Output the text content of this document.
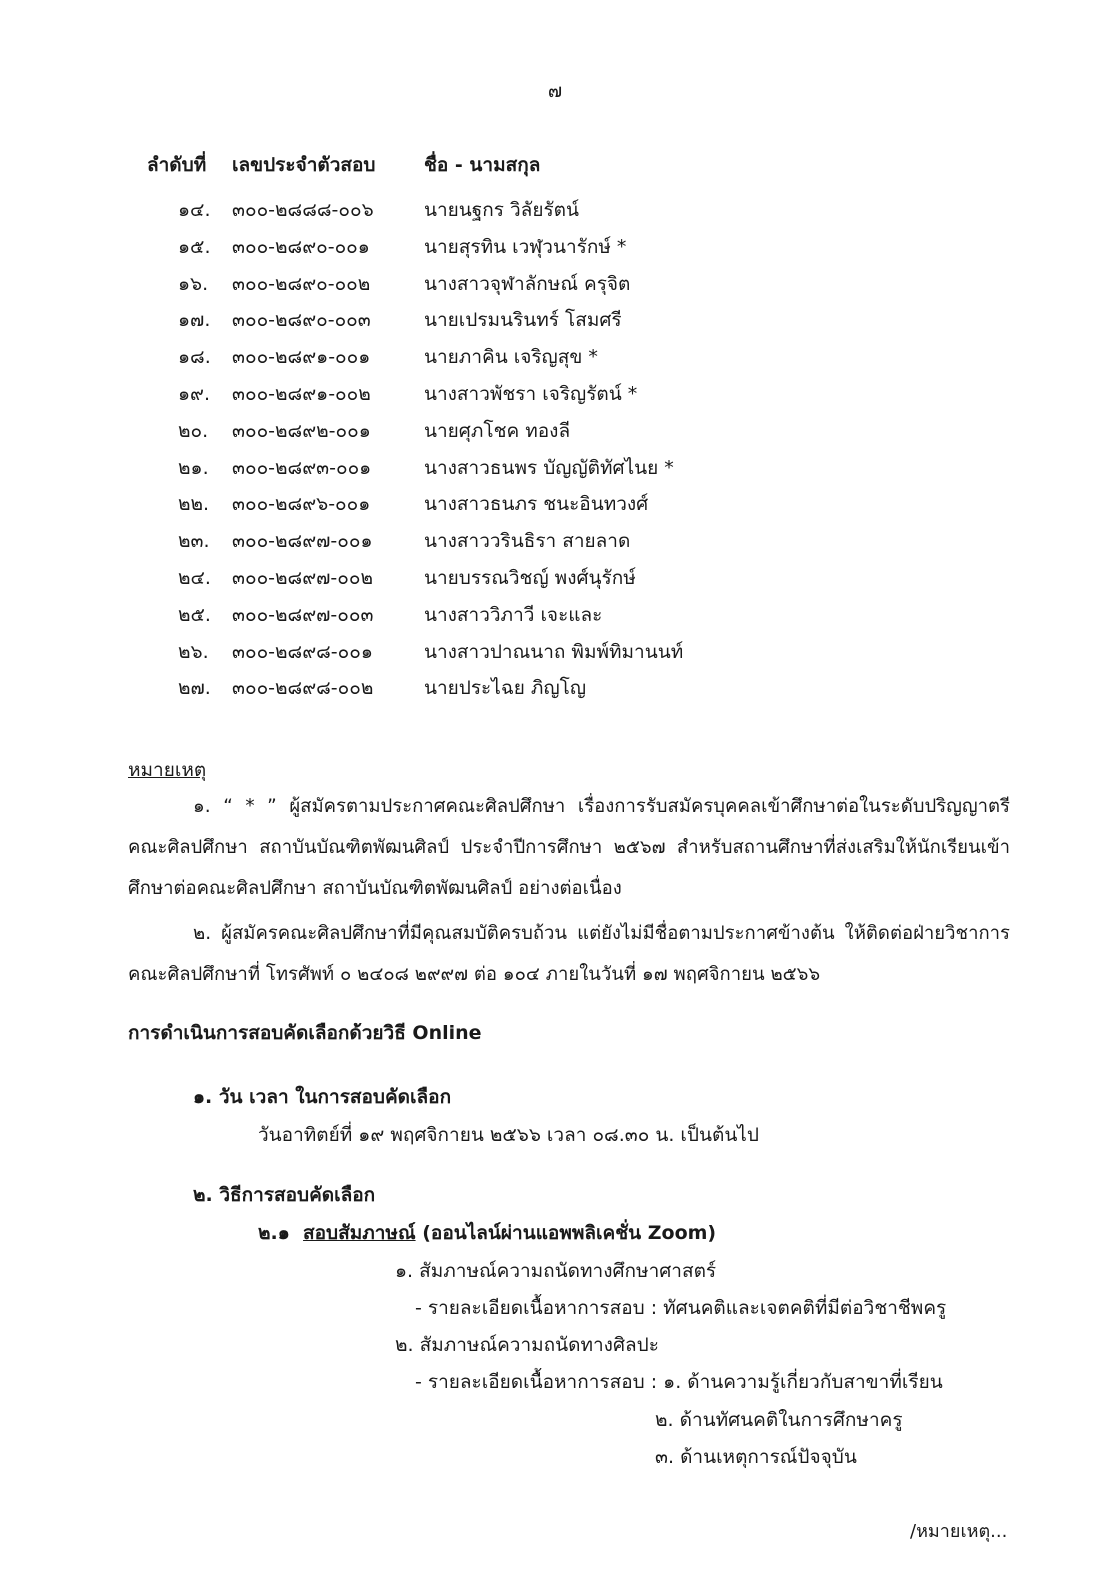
๗
ลำดับที่ เลขประจำตัวสอบ	ชื่อ - นามสกุล
๑๔. ๓๐๐-๒๘๘๘-๐๐๖	นายนฐกร วิลัยรัตน์
๑๕. ๓๐๐-๒๘๙๐-๐๐๑	นายสุรทิน เวฬุวนารักษ์ *
๑๖. ๓๐๐-๒๘๙๐-๐๐๒	นางสาวจุฬาลักษณ์ ครุจิต
๑๗. ๓๐๐-๒๘๙๐-๐๐๓	นายเปรมนรินทร์ โสมศรี
๑๘. ๓๐๐-๒๘๙๑-๐๐๑	นายภาคิน เจริญสุข *
๑๙. ๓๐๐-๒๘๙๑-๐๐๒	นางสาวพัชรา เจริญรัตน์ *
๒๐. ๓๐๐-๒๘๙๒-๐๐๑	นายศุภโชค ทองลี
๒๑. ๓๐๐-๒๘๙๓-๐๐๑	นางสาวธนพร บัญญัติทัศไนย *
๒๒. ๓๐๐-๒๘๙๖-๐๐๑	นางสาวธนภร ชนะอินทวงศ์
๒๓. ๓๐๐-๒๘๙๗-๐๐๑	นางสาววรินธิรา สายลาด
๒๔. ๓๐๐-๒๘๙๗-๐๐๒	นายบรรณวิชญ์ พงศ์นุรักษ์
๒๕. ๓๐๐-๒๘๙๗-๐๐๓	นางสาววิภาวี เจะและ
๒๖. ๓๐๐-๒๘๙๘-๐๐๑	นางสาวปาณนาถ พิมพ์ทิมานนท์
๒๗. ๓๐๐-๒๘๙๘-๐๐๒	นายประไฉย ภิญโญ
หมายเหตุ
๑. “ * ” ผู้สมัครตามประกาศคณะศิลปศึกษา เรื่องการรับสมัครบุคคลเข้าศึกษาต่อในระดับปริญญาตรี คณะศิลปศึกษา สถาบันบัณฑิตพัฒนศิลป์ ประจำปีการศึกษา ๒๕๖๗ สำหรับสถานศึกษาที่ส่งเสริมให้นักเรียนเข้าศึกษาต่อคณะศิลปศึกษา สถาบันบัณฑิตพัฒนศิลป์ อย่างต่อเนื่อง
๒. ผู้สมัครคณะศิลปศึกษาที่มีคุณสมบัติครบถ้วน แต่ยังไม่มีชื่อตามประกาศข้างต้น ให้ติดต่อฝ่ายวิชาการคณะศิลปศึกษาที่ โทรศัพท์ ๐ ๒๔๐๘ ๒๙๙๗ ต่อ ๑๐๔ ภายในวันที่ ๑๗ พฤศจิกายน ๒๕๖๖
การดำเนินการสอบคัดเลือกด้วยวิธี Online
๑. วัน เวลา ในการสอบคัดเลือก
วันอาทิตย์ที่ ๑๙ พฤศจิกายน ๒๕๖๖ เวลา ๐๘.๓๐ น. เป็นต้นไป
๒. วิธีการสอบคัดเลือก
๒.๑ สอบสัมภาษณ์ (ออนไลน์ผ่านแอพพลิเคชั่น Zoom)
๑. สัมภาษณ์ความถนัดทางศึกษาศาสตร์
- รายละเอียดเนื้อหาการสอบ : ทัศนคติและเจตคติที่มีต่อวิชาชีพครู
๒. สัมภาษณ์ความถนัดทางศิลปะ
- รายละเอียดเนื้อหาการสอบ : ๑. ด้านความรู้เกี่ยวกับสาขาที่เรียน
๒. ด้านทัศนคติในการศึกษาครู
๓. ด้านเหตุการณ์ปัจจุบัน
/หมายเหตุ...
